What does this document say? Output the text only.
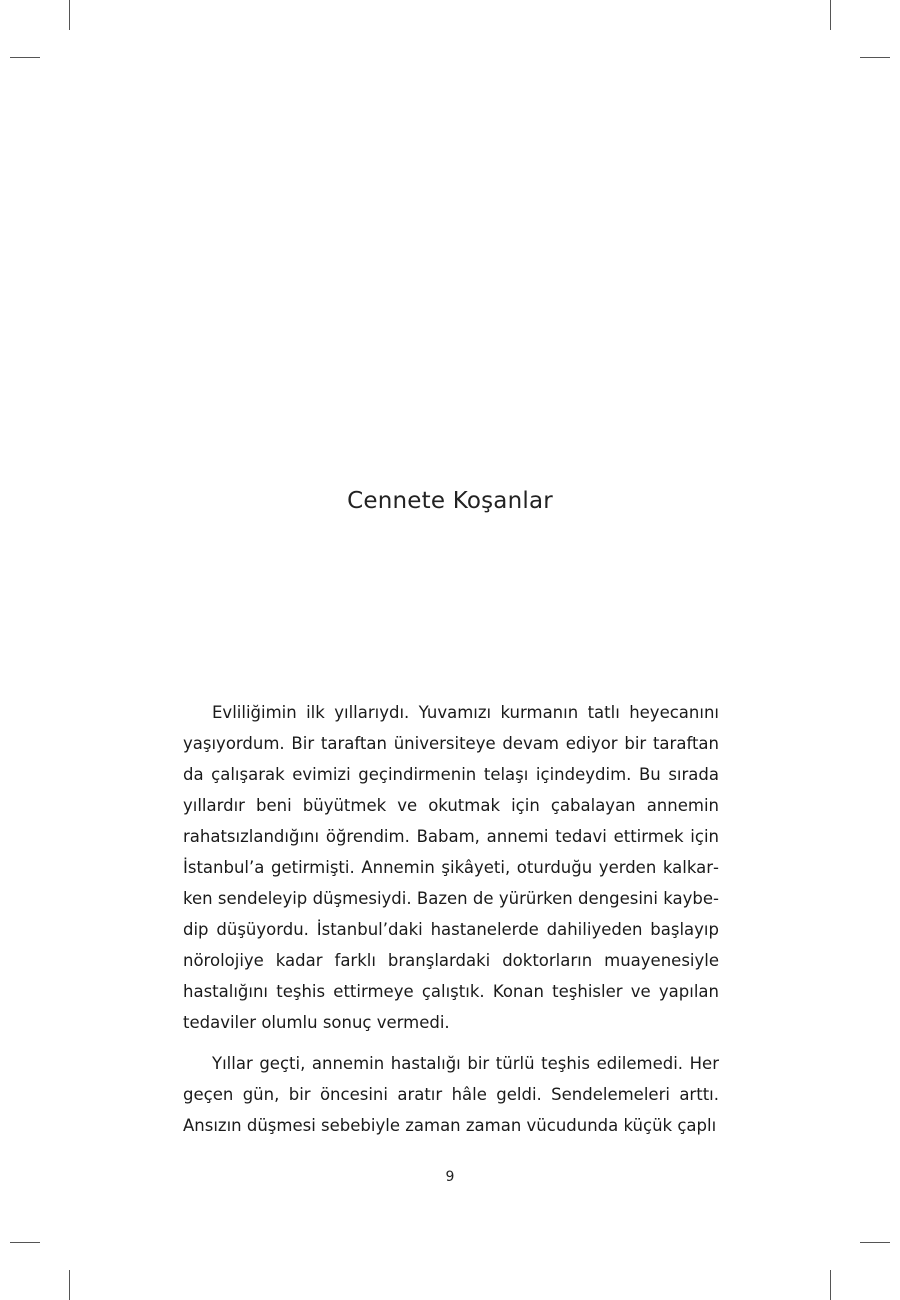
Cennete Koşanlar

Evliliğimin ilk yıllarıydı. Yuvamızı kurmanın tatlı heyecanını yaşıyordum. Bir taraftan üniversiteye devam ediyor bir taraftan da çalışarak evimizi geçindirmenin telaşı içindeydim. Bu sırada yıllardır beni büyütmek ve okutmak için çabalayan annemin rahatsızlandığını öğrendim. Babam, annemi tedavi ettirmek için İstanbul’a getirmişti. Annemin şikâyeti, oturduğu yerden kalkarken sendeleyip düşmesiydi. Bazen de yürürken dengesini kaybedip düşüyordu. İstanbul’daki hastanelerde dahiliyeden başlayıp nörolojiye kadar farklı branşlardaki doktorların muayenesiyle hastalığını teşhis ettirmeye çalıştık. Konan teşhisler ve yapılan tedaviler olumlu sonuç vermedi.

Yıllar geçti, annemin hastalığı bir türlü teşhis edilemedi. Her geçen gün, bir öncesini aratır hâle geldi. Sendelemeleri arttı. Ansızın düşmesi sebebiyle zaman zaman vücudunda küçük çaplı

9
